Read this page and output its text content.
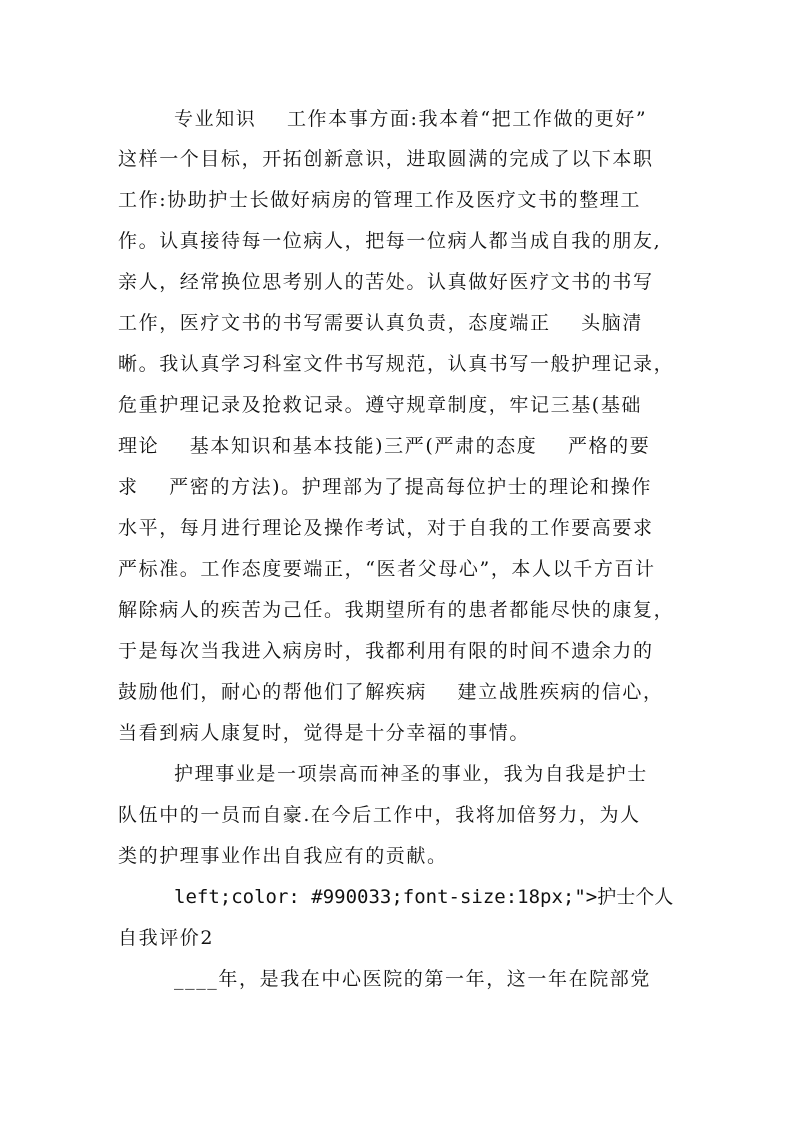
专业知识    工作本事方面:我本着“把工作做的更好”
这样一个目标，开拓创新意识，进取圆满的完成了以下本职
工作:协助护士长做好病房的管理工作及医疗文书的整理工
作。认真接待每一位病人，把每一位病人都当成自我的朋友,
亲人，经常换位思考别人的苦处。认真做好医疗文书的书写
工作，医疗文书的书写需要认真负责，态度端正    头脑清
晰。我认真学习科室文件书写规范，认真书写一般护理记录，
危重护理记录及抢救记录。遵守规章制度，牢记三基(基础
理论    基本知识和基本技能)三严(严肃的态度    严格的要
求    严密的方法)。护理部为了提高每位护士的理论和操作
水平，每月进行理论及操作考试，对于自我的工作要高要求
严标准。工作态度要端正，“医者父母心”，本人以千方百计
解除病人的疾苦为己任。我期望所有的患者都能尽快的康复，
于是每次当我进入病房时，我都利用有限的时间不遗余力的
鼓励他们，耐心的帮他们了解疾病    建立战胜疾病的信心，
当看到病人康复时，觉得是十分幸福的事情。
护理事业是一项崇高而神圣的事业，我为自我是护士
队伍中的一员而自豪.在今后工作中，我将加倍努力，为人
类的护理事业作出自我应有的贡献。
left;color: #990033;font-size:18px;">护士个人
自我评价2
____年，是我在中心医院的第一年，这一年在院部党
